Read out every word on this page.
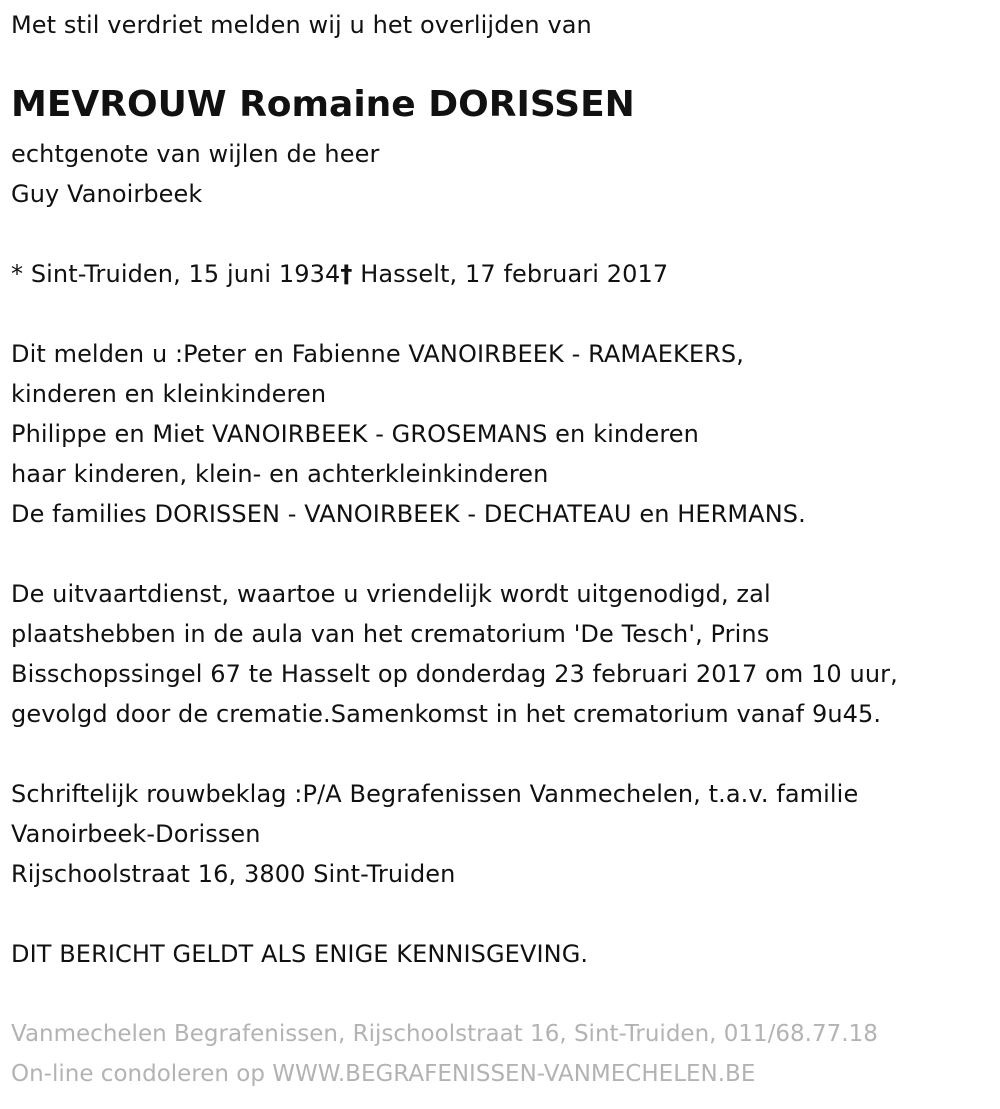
Met stil verdriet melden wij u het overlijden van
MEVROUW Romaine DORISSEN
echtgenote van wijlen de heer
Guy Vanoirbeek
* Sint-Truiden, 15 juni 1934† Hasselt, 17 februari 2017
Dit melden u :Peter en Fabienne VANOIRBEEK - RAMAEKERS,
kinderen en kleinkinderen
Philippe en Miet VANOIRBEEK - GROSEMANS en kinderen
haar kinderen, klein- en achterkleinkinderen
De families DORISSEN - VANOIRBEEK - DECHATEAU en HERMANS.
De uitvaartdienst, waartoe u vriendelijk wordt uitgenodigd, zal
plaatshebben in de aula van het crematorium 'De Tesch', Prins
Bisschopssingel 67 te Hasselt op donderdag 23 februari 2017 om 10 uur,
gevolgd door de crematie.Samenkomst in het crematorium vanaf 9u45.
Schriftelijk rouwbeklag :P/A Begrafenissen Vanmechelen, t.a.v. familie
Vanoirbeek-Dorissen
Rijschoolstraat 16, 3800 Sint-Truiden
DIT BERICHT GELDT ALS ENIGE KENNISGEVING.
Vanmechelen Begrafenissen, Rijschoolstraat 16, Sint-Truiden, 011/68.77.18
On-line condoleren op WWW.BEGRAFENISSEN-VANMECHELEN.BE
